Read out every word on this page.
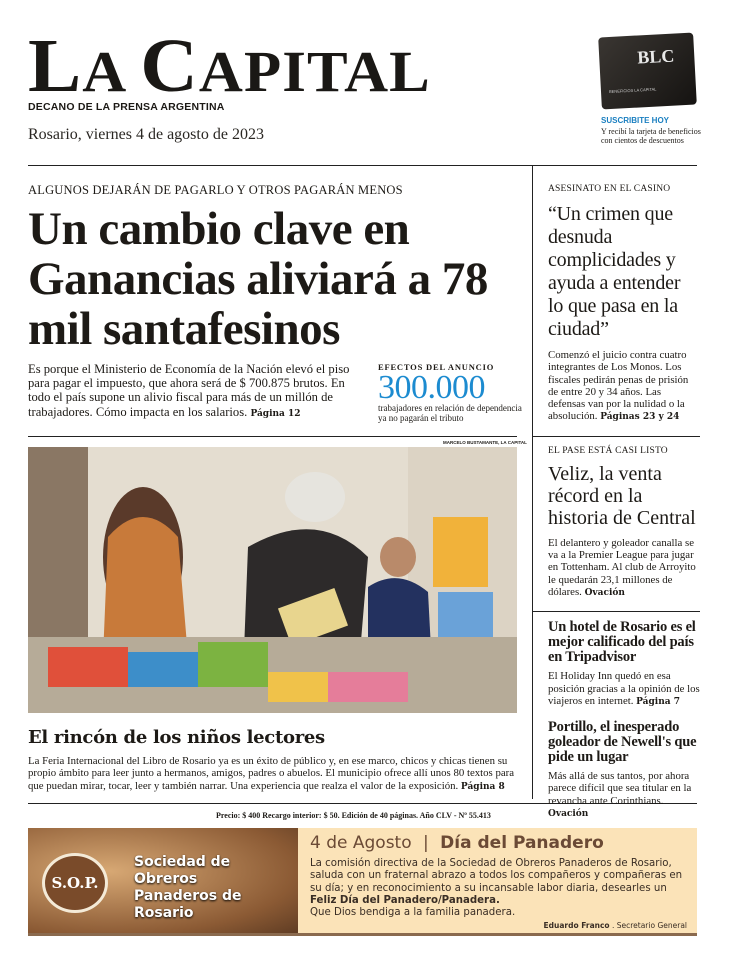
LA CAPITAL
DECANO DE LA PRENSA ARGENTINA
Rosario, viernes 4 de agosto de 2023
BLC
BENEFICIOS LA CAPITAL
SUSCRIBITE HOY
Y recibí la tarjeta de beneficios con cientos de descuentos
ALGUNOS DEJARÁN DE PAGARLO Y OTROS PAGARÁN MENOS
Un cambio clave en Ganancias aliviará a 78 mil santafesinos
Es porque el Ministerio de Economía de la Nación elevó el piso para pagar el impuesto, que ahora será de $ 700.875 brutos. En todo el país supone un alivio fiscal para más de un millón de trabajadores. Cómo impacta en los salarios. Página 12
EFECTOS DEL ANUNCIO
300.000
trabajadores en relación de dependencia ya no pagarán el tributo
MARCELO BUSTAMANTE, LA CAPITAL
El rincón de los niños lectores
La Feria Internacional del Libro de Rosario ya es un éxito de público y, en ese marco, chicos y chicas tienen su propio ámbito para leer junto a hermanos, amigos, padres o abuelos. El municipio ofrece allí unos 80 textos para que puedan mirar, tocar, leer y también narrar. Una experiencia que realza el valor de la exposición. Página 8
Precio: $ 400 Recargo interior: $ 50. Edición de 40 páginas. Año CLV - Nº 55.413
ASESINATO EN EL CASINO
“Un crimen que desnuda complicidades y ayuda a entender lo que pasa en la ciudad”
Comenzó el juicio contra cuatro integrantes de Los Monos. Los fiscales pedirán penas de prisión de entre 20 y 34 años. Las defensas van por la nulidad o la absolución. Páginas 23 y 24
EL PASE ESTÁ CASI LISTO
Veliz, la venta récord en la historia de Central
El delantero y goleador canalla se va a la Premier League para jugar en Tottenham. Al club de Arroyito le quedarán 23,1 millones de dólares. Ovación
Un hotel de Rosario es el mejor calificado del país en Tripadvisor
El Holiday Inn quedó en esa posición gracias a la opinión de los viajeros en internet. Página 7
Portillo, el inesperado goleador de Newell's que pide un lugar
Más allá de sus tantos, por ahora parece difícil que sea titular en la revancha ante Corinthians. Ovación
S.O.P.
Sociedad de Obreros Panaderos de Rosario
4 de Agosto | Día del Panadero
La comisión directiva de la Sociedad de Obreros Panaderos de Rosario, saluda con un fraternal abrazo a todos los compañeros y compañeras en su día; y en reconocimiento a su incansable labor diaria, desearles un Feliz Día del Panadero/Panadera.
Que Dios bendiga a la familia panadera.
Eduardo Franco . Secretario General
